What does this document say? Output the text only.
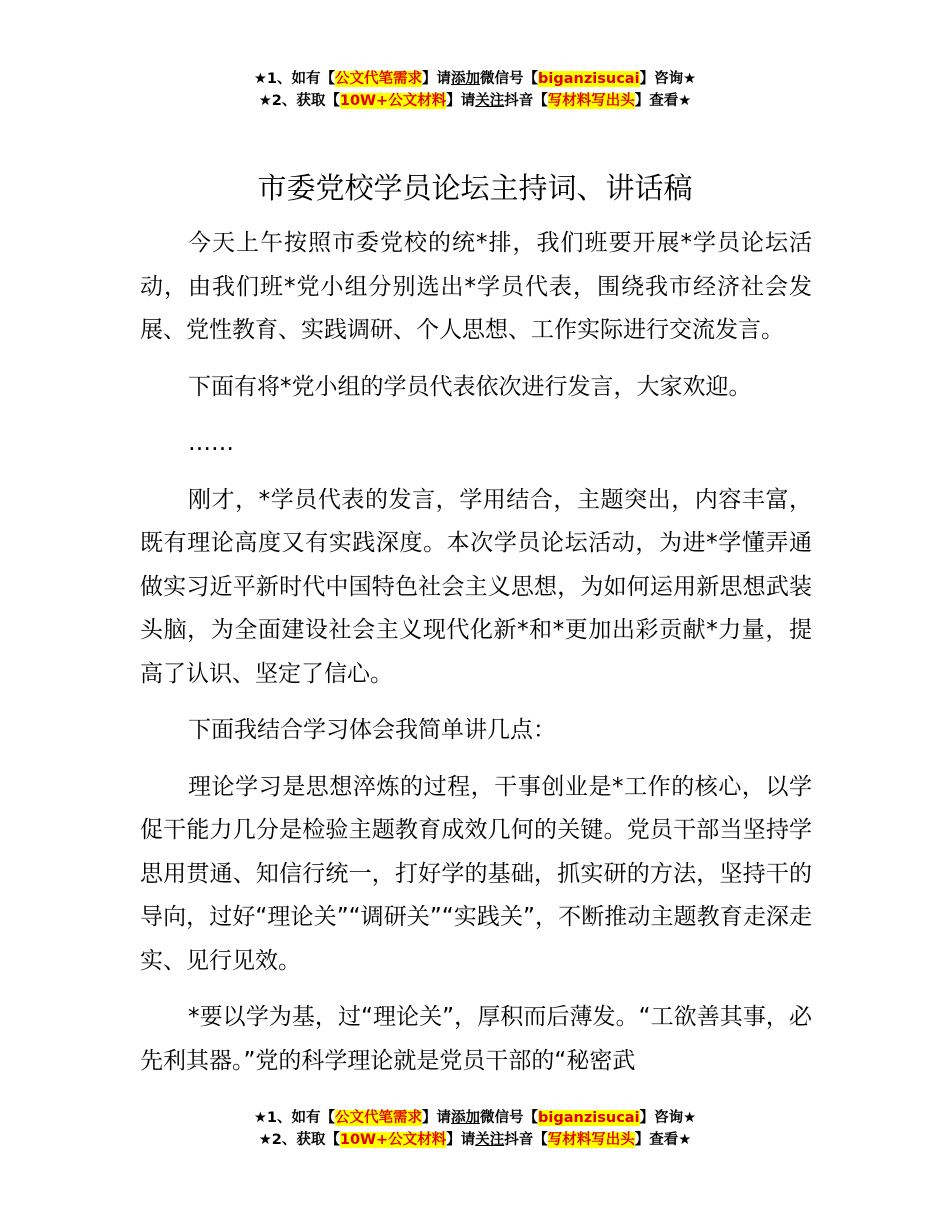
★1、如有【公文代笔需求】请添加微信号【biganzisucai】咨询★
★2、获取【10W+公文材料】请关注抖音【写材料写出头】查看★
市委党校学员论坛主持词、讲话稿

今天上午按照市委党校的统*排，我们班要开展*学员论坛活动，由我们班*党小组分别选出*学员代表，围绕我市经济社会发展、党性教育、实践调研、个人思想、工作实际进行交流发言。

下面有将*党小组的学员代表依次进行发言，大家欢迎。

……

刚才，*学员代表的发言，学用结合，主题突出，内容丰富，既有理论高度又有实践深度。本次学员论坛活动，为进*学懂弄通做实习近平新时代中国特色社会主义思想，为如何运用新思想武装头脑，为全面建设社会主义现代化新*和*更加出彩贡献*力量，提高了认识、坚定了信心。

下面我结合学习体会我简单讲几点：

理论学习是思想淬炼的过程，干事创业是*工作的核心，以学促干能力几分是检验主题教育成效几何的关键。党员干部当坚持学思用贯通、知信行统一，打好学的基础，抓实研的方法，坚持干的导向，过好“理论关”“调研关”“实践关”，不断推动主题教育走深走实、见行见效。

*要以学为基，过“理论关”，厚积而后薄发。“工欲善其事，必先利其器。”党的科学理论就是党员干部的“秘密武

★1、如有【公文代笔需求】请添加微信号【biganzisucai】咨询★
★2、获取【10W+公文材料】请关注抖音【写材料写出头】查看★
